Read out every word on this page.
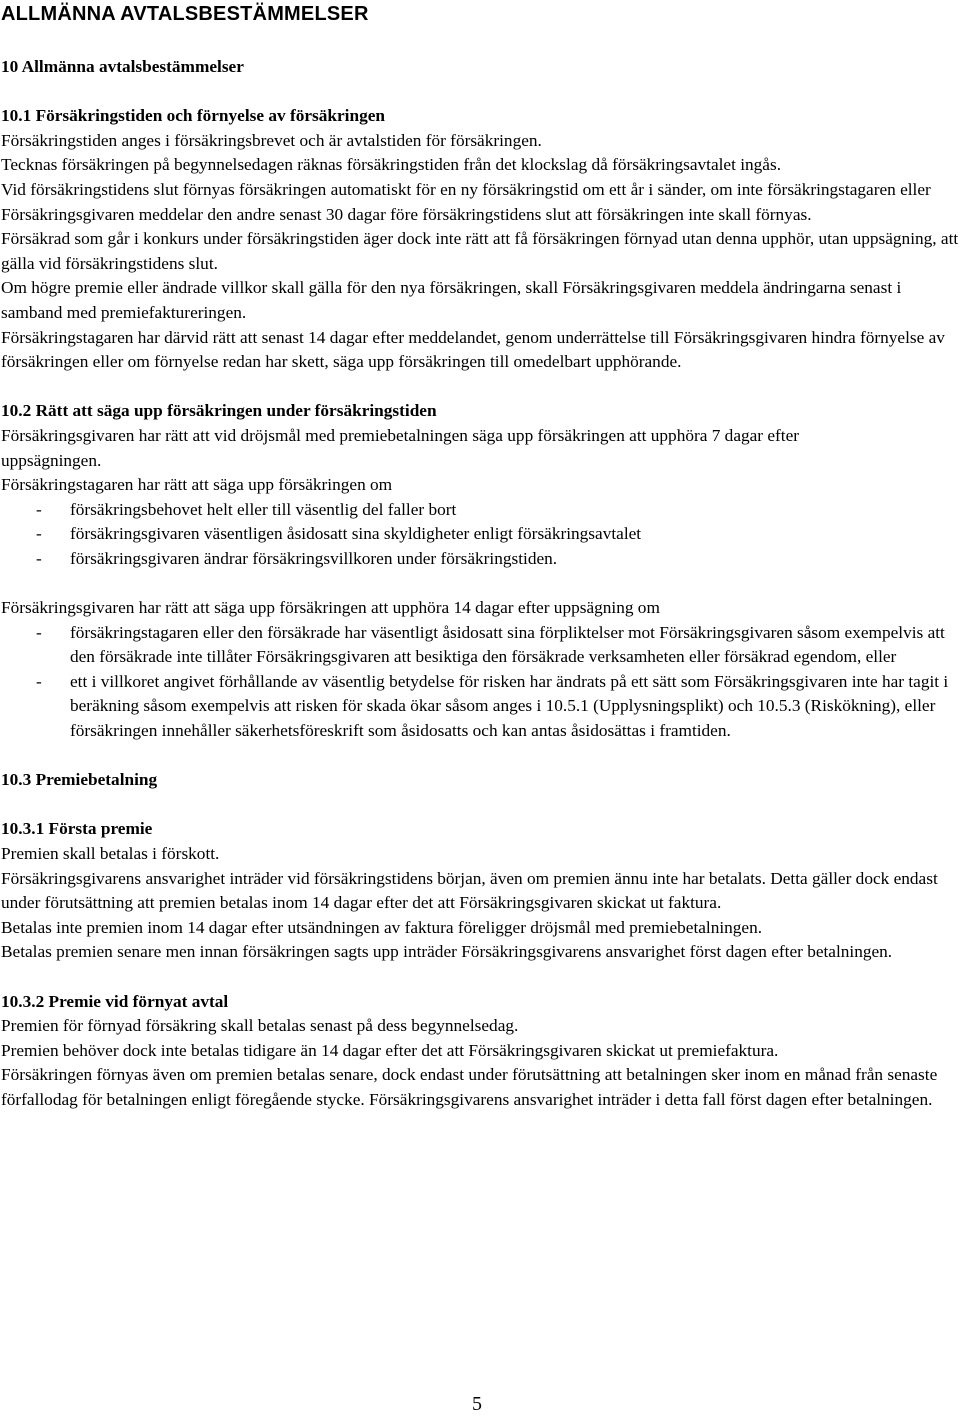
ALLMÄNNA AVTALSBESTÄMMELSER

10 Allmänna avtalsbestämmelser

10.1 Försäkringstiden och förnyelse av försäkringen

Försäkringstiden anges i försäkringsbrevet och är avtalstiden för försäkringen.

Tecknas försäkringen på begynnelsedagen räknas försäkringstiden från det klockslag då försäkringsavtalet ingås.

Vid försäkringstidens slut förnyas försäkringen automatiskt för en ny försäkringstid om ett år i sänder, om inte försäkringstagaren eller Försäkringsgivaren meddelar den andre senast 30 dagar före försäkringstidens slut att försäkringen inte skall förnyas.

Försäkrad som går i konkurs under försäkringstiden äger dock inte rätt att få försäkringen förnyad utan denna upphör, utan uppsägning, att gälla vid försäkringstidens slut.

Om högre premie eller ändrade villkor skall gälla för den nya försäkringen, skall Försäkringsgivaren meddela ändringarna senast i samband med premiefaktureringen.

Försäkringstagaren har därvid rätt att senast 14 dagar efter meddelandet, genom underrättelse till Försäkringsgivaren hindra förnyelse av försäkringen eller om förnyelse redan har skett, säga upp försäkringen till omedelbart upphörande.

10.2 Rätt att säga upp försäkringen under försäkringstiden

Försäkringsgivaren har rätt att vid dröjsmål med premiebetalningen säga upp försäkringen att upphöra 7 dagar efter uppsägningen.

Försäkringstagaren har rätt att säga upp försäkringen om

- försäkringsbehovet helt eller till väsentlig del faller bort
- försäkringsgivaren väsentligen åsidosatt sina skyldigheter enligt försäkringsavtalet
- försäkringsgivaren ändrar försäkringsvillkoren under försäkringstiden.

Försäkringsgivaren har rätt att säga upp försäkringen att upphöra 14 dagar efter uppsägning om

- försäkringstagaren eller den försäkrade har väsentligt åsidosatt sina förpliktelser mot Försäkringsgivaren såsom exempelvis att den försäkrade inte tillåter Försäkringsgivaren att besiktiga den försäkrade verksamheten eller försäkrad egendom, eller
- ett i villkoret angivet förhållande av väsentlig betydelse för risken har ändrats på ett sätt som Försäkringsgivaren inte har tagit i beräkning såsom exempelvis att risken för skada ökar såsom anges i 10.5.1 (Upplysningsplikt) och 10.5.3 (Riskökning), eller försäkringen innehåller säkerhetsföreskrift som åsidosatts och kan antas åsidosättas i framtiden.

10.3 Premiebetalning

10.3.1 Första premie

Premien skall betalas i förskott.

Försäkringsgivarens ansvarighet inträder vid försäkringstidens början, även om premien ännu inte har betalats. Detta gäller dock endast under förutsättning att premien betalas inom 14 dagar efter det att Försäkringsgivaren skickat ut faktura.

Betalas inte premien inom 14 dagar efter utsändningen av faktura föreligger dröjsmål med premiebetalningen.

Betalas premien senare men innan försäkringen sagts upp inträder Försäkringsgivarens ansvarighet först dagen efter betalningen.

10.3.2 Premie vid förnyat avtal

Premien för förnyad försäkring skall betalas senast på dess begynnelsedag.

Premien behöver dock inte betalas tidigare än 14 dagar efter det att Försäkringsgivaren skickat ut premiefaktura.

Försäkringen förnyas även om premien betalas senare, dock endast under förutsättning att betalningen sker inom en månad från senaste förfallodag för betalningen enligt föregående stycke. Försäkringsgivarens ansvarighet inträder i detta fall först dagen efter betalningen.

5
